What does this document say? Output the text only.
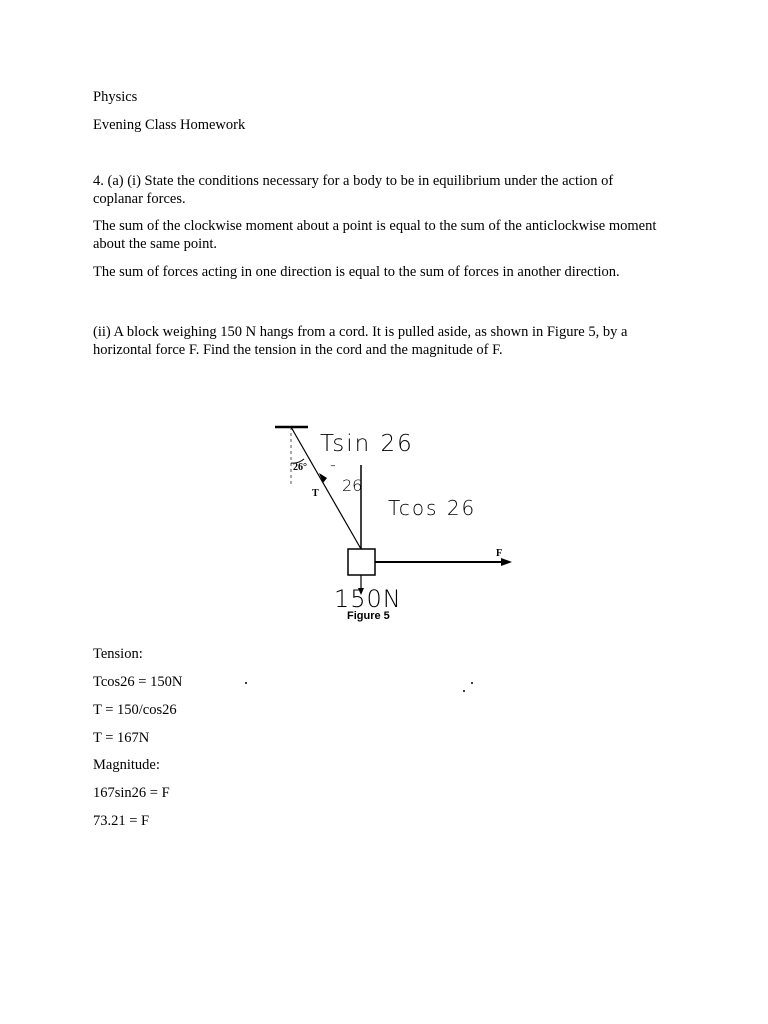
Physics
Evening Class Homework
4. (a) (i) State the conditions necessary for a body to be in equilibrium under the action of coplanar forces.
The sum of the clockwise moment about a point is equal to the sum of the anticlockwise moment about the same point.
The sum of forces acting in one direction is equal to the sum of forces in another direction.
(ii) A block weighing 150 N hangs from a cord. It is pulled aside, as shown in Figure 5, by a horizontal force F. Find the tension in the cord and the magnitude of F.
26°
T
F
Tsin 26
-
26
Tcos 26
150N
Figure 5
Tension:
Tcos26 = 150N
T = 150/cos26
T = 167N
Magnitude:
167sin26 = F
73.21 = F
